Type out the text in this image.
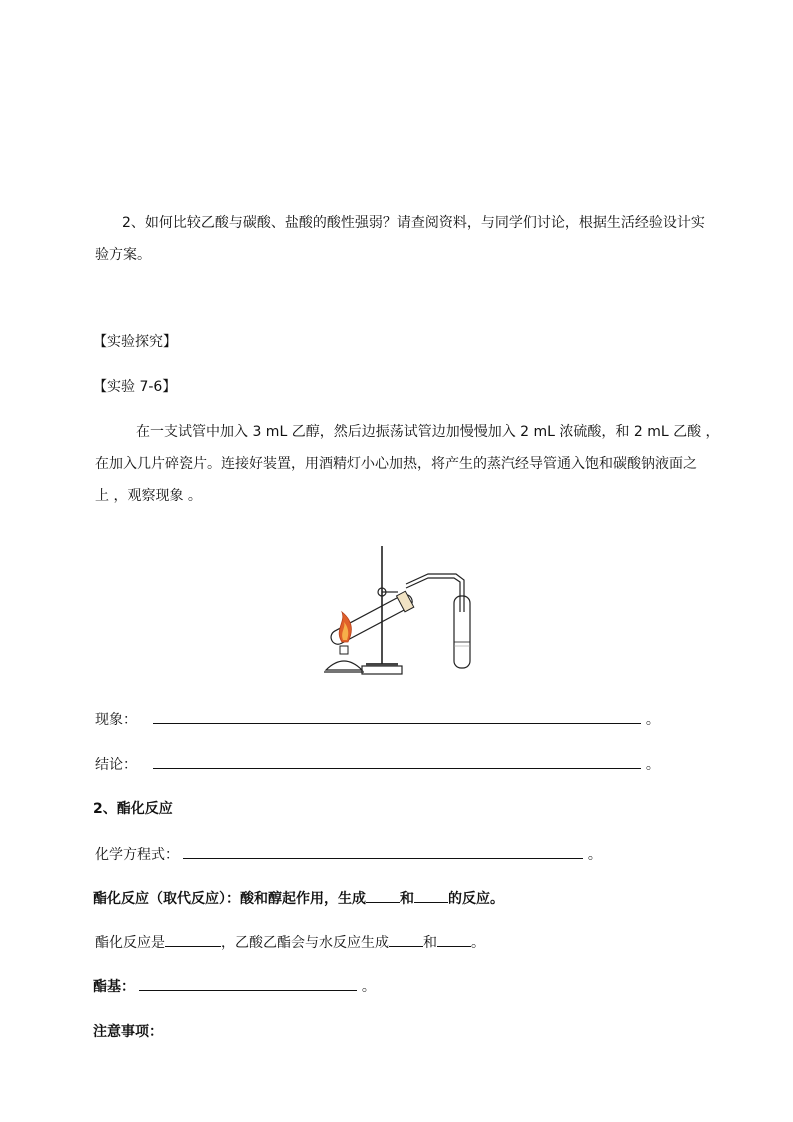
2、如何比较乙酸与碳酸、盐酸的酸性强弱？请查阅资料，与同学们讨论，根据生活经验设计实
验方案。
【实验探究】
【实验 7-6】
在一支试管中加入 3 mL 乙醇，然后边振荡试管边加慢慢加入 2 mL 浓硫酸，和 2 mL 乙酸 ，
在加入几片碎瓷片。连接好装置，用酒精灯小心加热，将产生的蒸汽经导管通入饱和碳酸钠液面之
上 ，观察现象 。
现象：	。
结论：	。
2、酯化反应
化学方程式：	。
酯化反应（取代反应）：酸和醇起作用，生成 和 的反应。
酯化反应是	，乙酸乙酯会与水反应生成 和 。
酯基：	。
注意事项：
